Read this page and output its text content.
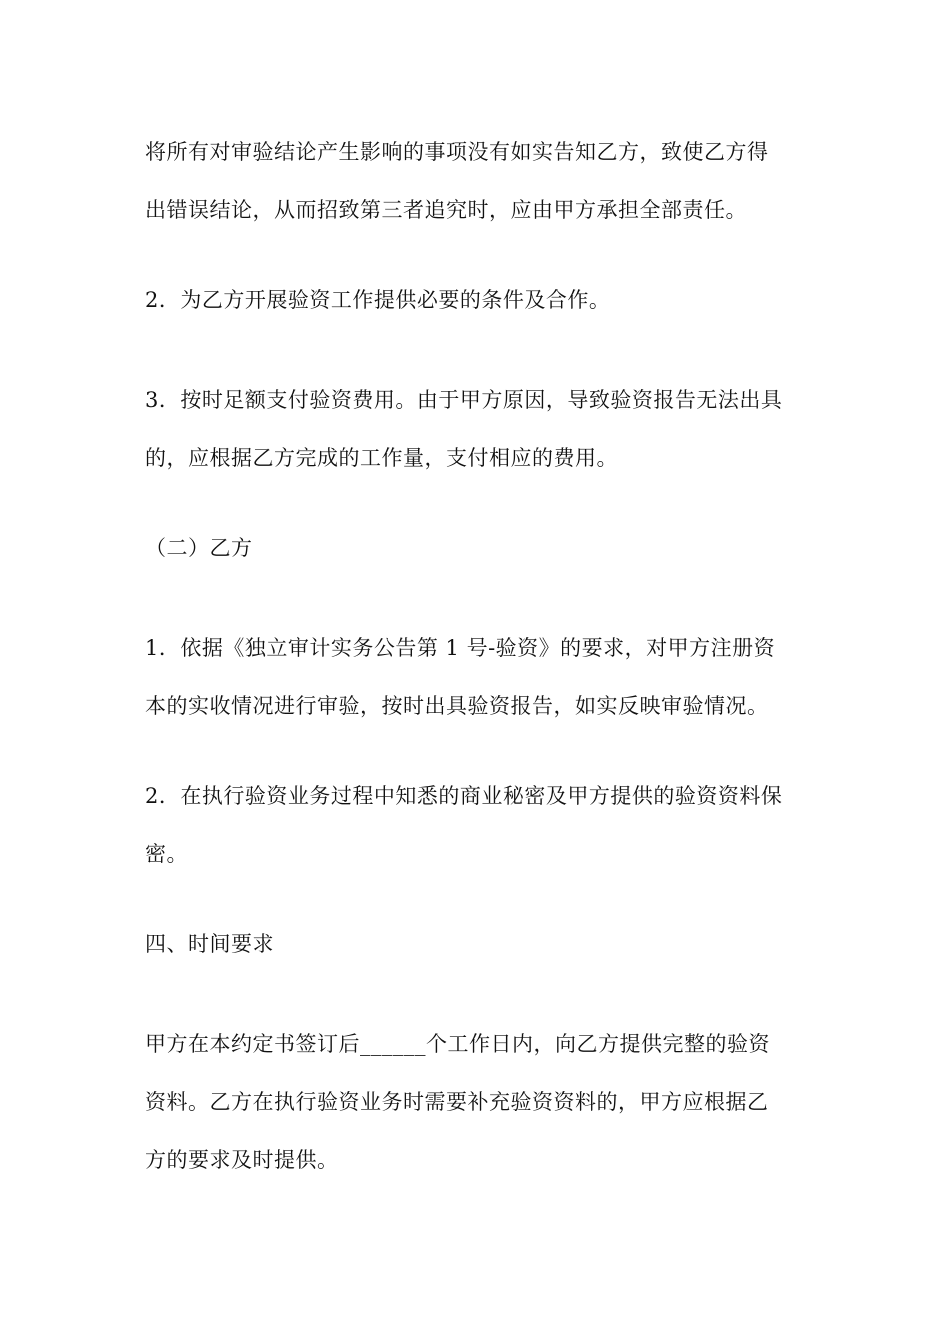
将所有对审验结论产生影响的事项没有如实告知乙方，致使乙方得
出错误结论，从而招致第三者追究时，应由甲方承担全部责任。

2．为乙方开展验资工作提供必要的条件及合作。

3．按时足额支付验资费用。由于甲方原因，导致验资报告无法出具
的，应根据乙方完成的工作量，支付相应的费用。

（二）乙方

1．依据《独立审计实务公告第 1 号-验资》的要求，对甲方注册资
本的实收情况进行审验，按时出具验资报告，如实反映审验情况。

2．在执行验资业务过程中知悉的商业秘密及甲方提供的验资资料保
密。

四、时间要求

甲方在本约定书签订后______个工作日内，向乙方提供完整的验资
资料。乙方在执行验资业务时需要补充验资资料的，甲方应根据乙
方的要求及时提供。
